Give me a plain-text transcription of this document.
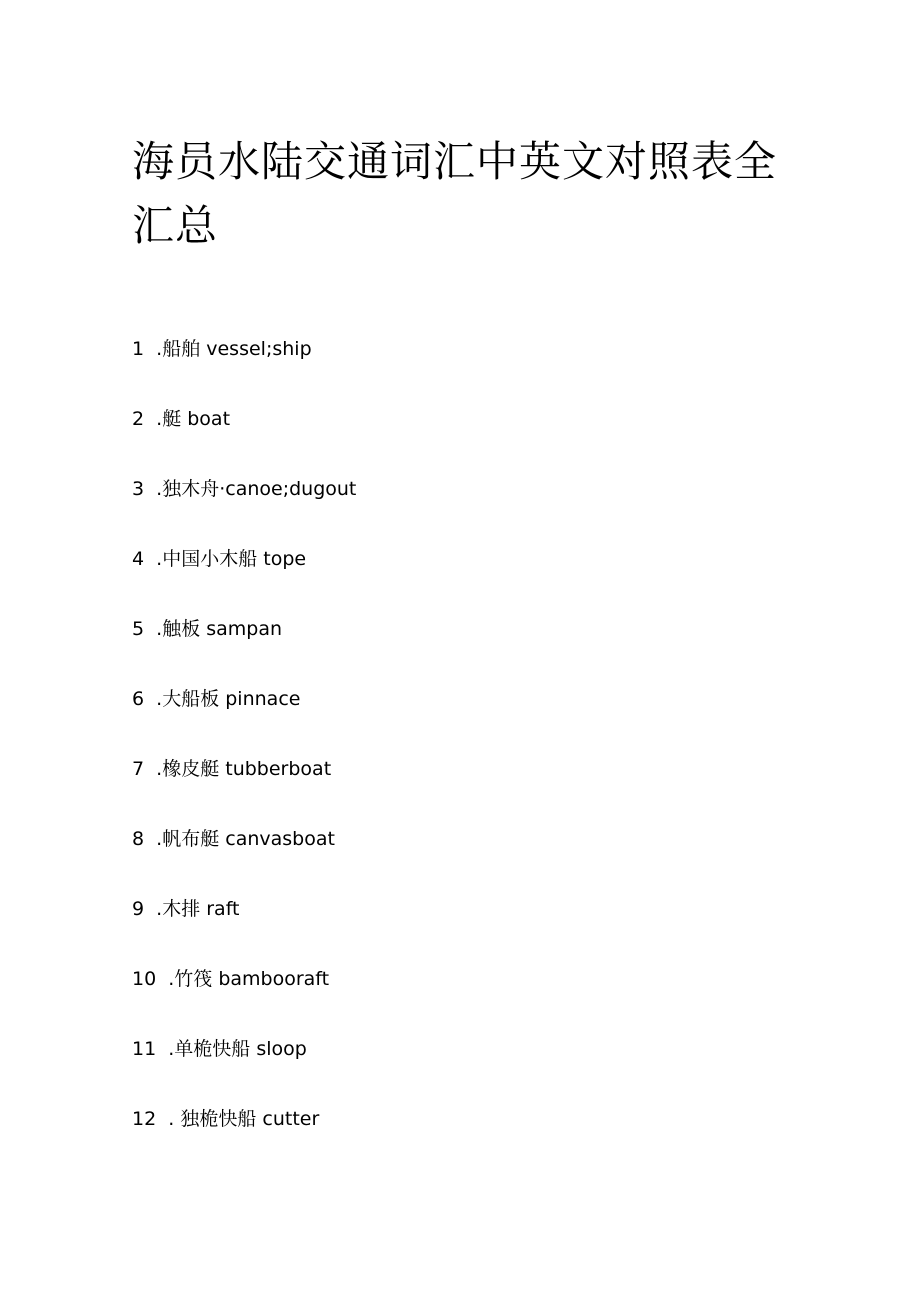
海员水陆交通词汇中英文对照表全
汇总
1  .船舶 vessel;ship
2  .艇 boat
3  .独木舟·canoe;dugout
4  .中国小木船 tope
5  .触板 sampan
6  .大船板 pinnace
7  .橡皮艇 tubberboat
8  .帆布艇 canvasboat
9  .木排 raft
10  .竹筏 bambooraft
11  .单桅快船 sloop
12  . 独桅快船 cutter
